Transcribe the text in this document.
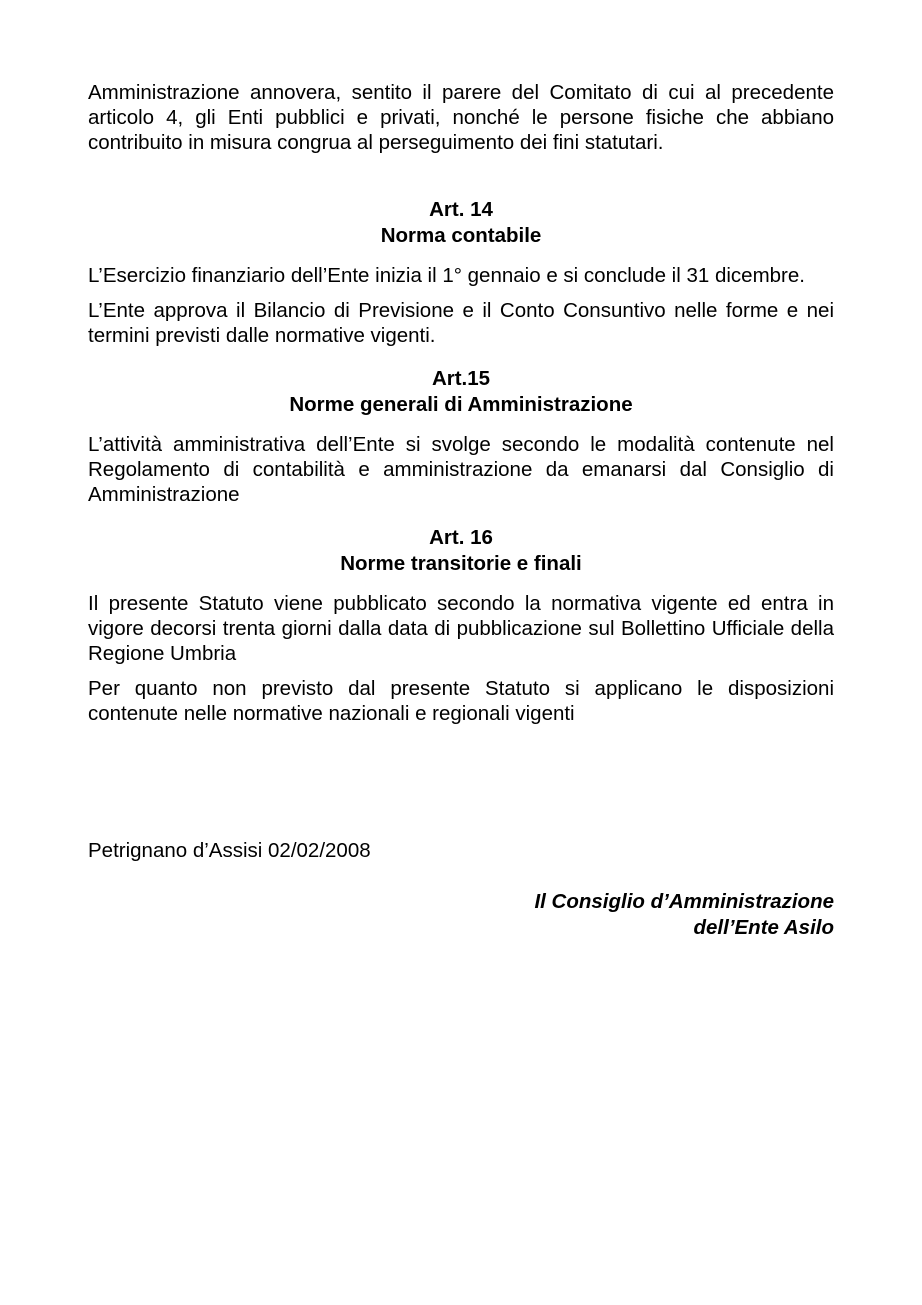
Amministrazione annovera, sentito il parere del Comitato di cui al precedente articolo 4, gli Enti pubblici e privati, nonché le persone fisiche che abbiano contribuito in misura congrua al perseguimento dei fini statutari.

Art. 14
Norma contabile

L’Esercizio finanziario dell’Ente inizia il 1° gennaio e si conclude il 31 dicembre.

L’Ente approva il Bilancio di Previsione e il Conto Consuntivo nelle forme e nei termini previsti dalle normative vigenti.

Art.15
Norme generali di Amministrazione

L’attività amministrativa dell’Ente si svolge secondo le modalità contenute nel Regolamento di contabilità e amministrazione da emanarsi dal Consiglio di Amministrazione

Art. 16
Norme transitorie e finali

Il presente Statuto viene pubblicato secondo la normativa vigente ed entra in vigore decorsi trenta giorni dalla data di pubblicazione sul Bollettino Ufficiale della Regione Umbria

Per quanto non previsto dal presente Statuto si applicano le disposizioni contenute nelle normative nazionali e regionali vigenti

Petrignano d’Assisi 02/02/2008

Il Consiglio d’Amministrazione
dell’Ente Asilo
